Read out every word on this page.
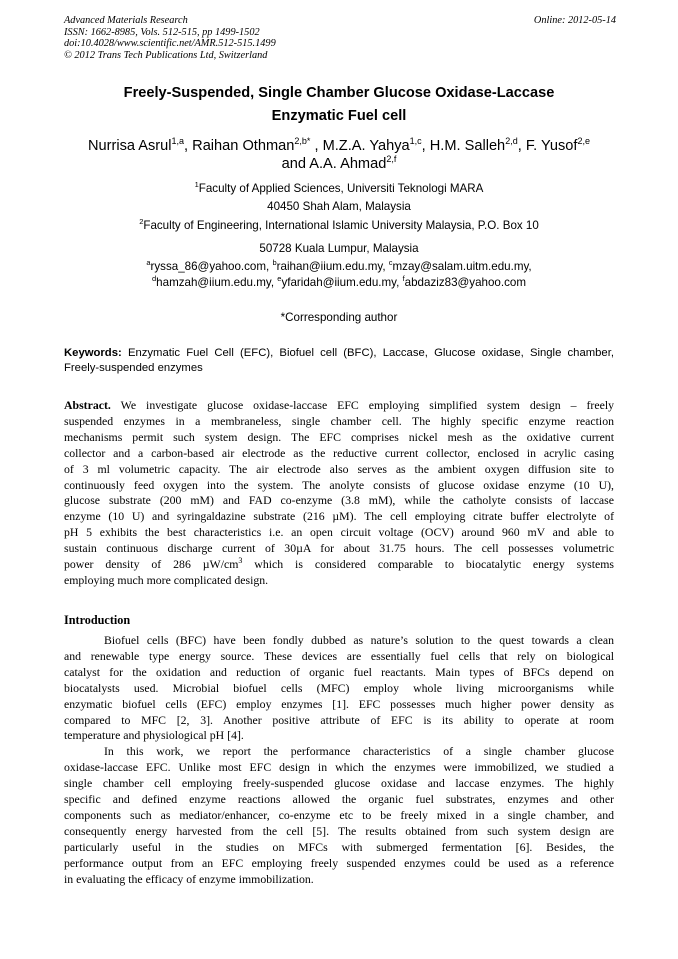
Advanced Materials Research
ISSN: 1662-8985, Vols. 512-515, pp 1499-1502
doi:10.4028/www.scientific.net/AMR.512-515.1499
© 2012 Trans Tech Publications Ltd, Switzerland
Online: 2012-05-14
Freely-Suspended, Single Chamber Glucose Oxidase-Laccase
Enzymatic Fuel cell
Nurrisa Asrul$^{1,a}$, Raihan Othman$^{2,b*}$ , M.Z.A. Yahya$^{1,c}$, H.M. Salleh$^{2,d}$, F. Yusof$^{2,e}$
and A.A. Ahmad$^{2,f}$
$^1$Faculty of Applied Sciences, Universiti Teknologi MARA
40450 Shah Alam, Malaysia
$^2$Faculty of Engineering, International Islamic University Malaysia, P.O. Box 10
50728 Kuala Lumpur, Malaysia
$^a$ryssa_86@yahoo.com, $^b$raihan@iium.edu.my, $^c$mzay@salam.uitm.edu.my,
$^d$hamzah@iium.edu.my, $^e$yfaridah@iium.edu.my, $^f$abdaziz83@yahoo.com
*Corresponding author
Keywords: Enzymatic Fuel Cell (EFC), Biofuel cell (BFC), Laccase, Glucose oxidase, Single chamber, Freely-suspended enzymes
Abstract. We investigate glucose oxidase-laccase EFC employing simplified system design – freely
suspended enzymes in a membraneless, single chamber cell. The highly specific enzyme reaction
mechanisms permit such system design. The EFC comprises nickel mesh as the oxidative current
collector and a carbon-based air electrode as the reductive current collector, enclosed in acrylic casing
of 3 ml volumetric capacity. The air electrode also serves as the ambient oxygen diffusion site to
continuously feed oxygen into the system. The anolyte consists of glucose oxidase enzyme (10 U),
glucose substrate (200 mM) and FAD co-enzyme (3.8 mM), while the catholyte consists of laccase
enzyme (10 U) and syringaldazine substrate (216 µM). The cell employing citrate buffer electrolyte of
pH 5 exhibits the best characteristics i.e. an open circuit voltage (OCV) around 960 mV and able to
sustain continuous discharge current of 30µA for about 31.75 hours. The cell possesses volumetric
power density of 286 $\mu W/cm^3$ which is considered comparable to biocatalytic energy systems
employing much more complicated design.
Introduction
Biofuel cells (BFC) have been fondly dubbed as nature’s solution to the quest towards a clean
and renewable type energy source. These devices are essentially fuel cells that rely on biological
catalyst for the oxidation and reduction of organic fuel reactants. Main types of BFCs depend on
biocatalysts used. Microbial biofuel cells (MFC) employ whole living microorganisms while
enzymatic biofuel cells (EFC) employ enzymes [1]. EFC possesses much higher power density as
compared to MFC [2, 3]. Another positive attribute of EFC is its ability to operate at room
temperature and physiological pH [4].
In this work, we report the performance characteristics of a single chamber glucose
oxidase-laccase EFC. Unlike most EFC design in which the enzymes were immobilized, we studied a
single chamber cell employing freely-suspended glucose oxidase and laccase enzymes. The highly
specific and defined enzyme reactions allowed the organic fuel substrates, enzymes and other
components such as mediator/enhancer, co-enzyme etc to be freely mixed in a single chamber, and
consequently energy harvested from the cell [5]. The results obtained from such system design are
particularly useful in the studies on MFCs with submerged fermentation [6]. Besides, the
performance output from an EFC employing freely suspended enzymes could be used as a reference
in evaluating the efficacy of enzyme immobilization.
